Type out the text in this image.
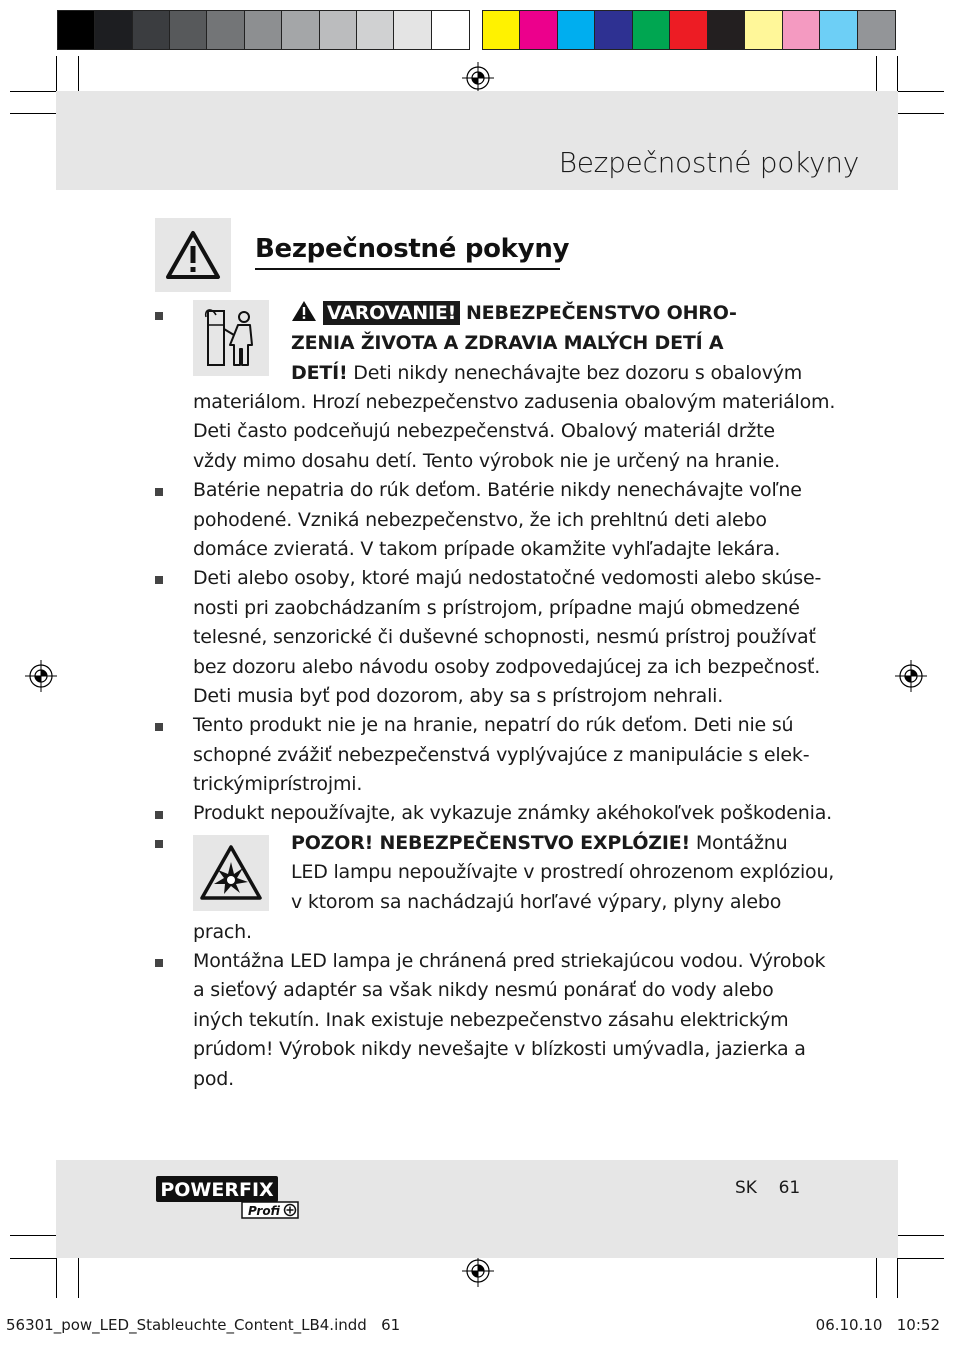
Bezpečnostné pokyny
Bezpečnostné pokyny
VAROVANIE! NEBEZPEČENSTVO OHRO-
ZENIA ŽIVOTA A ZDRAVIA MALÝCH DETÍ A
DETÍ! Deti nikdy nenechávajte bez dozoru s obalovým
materiálom. Hrozí nebezpečenstvo zadusenia obalovým materiálom.
Deti často podceňujú nebezpečenstvá. Obalový materiál držte
vždy mimo dosahu detí. Tento výrobok nie je určený na hranie.
Batérie nepatria do rúk deťom. Batérie nikdy nenechávajte voľne
pohodené. Vzniká nebezpečenstvo, že ich prehltnú deti alebo
domáce zvieratá. V takom prípade okamžite vyhľadajte lekára.
Deti alebo osoby, ktoré majú nedostatočné vedomosti alebo skúse-
nosti pri zaobchádzaním s prístrojom, prípadne majú obmedzené
telesné, senzorické či duševné schopnosti, nesmú prístroj používať
bez dozoru alebo návodu osoby zodpovedajúcej za ich bezpečnosť.
Deti musia byť pod dozorom, aby sa s prístrojom nehrali.
Tento produkt nie je na hranie, nepatrí do rúk deťom. Deti nie sú
schopné zvážiť nebezpečenstvá vyplývajúce z manipulácie s elek-
trickýmiprístrojmi.
Produkt nepoužívajte, ak vykazuje známky akéhokoľvek poškodenia.
POZOR! NEBEZPEČENSTVO EXPLÓZIE! Montážnu
LED lampu nepoužívajte v prostredí ohrozenom explóziou,
v ktorom sa nachádzajú horľavé výpary, plyny alebo
prach.
Montážna LED lampa je chránená pred striekajúcou vodou. Výrobok
a sieťový adaptér sa však nikdy nesmú ponárať do vody alebo
iných tekutín. Inak existuje nebezpečenstvo zásahu elektrickým
prúdom! Výrobok nikdy nevešajte v blízkosti umývadla, jazierka a
pod.
POWERFIX
Profi
SK 61
56301_pow_LED_Stableuchte_Content_LB4.indd   61	06.10.10   10:52
